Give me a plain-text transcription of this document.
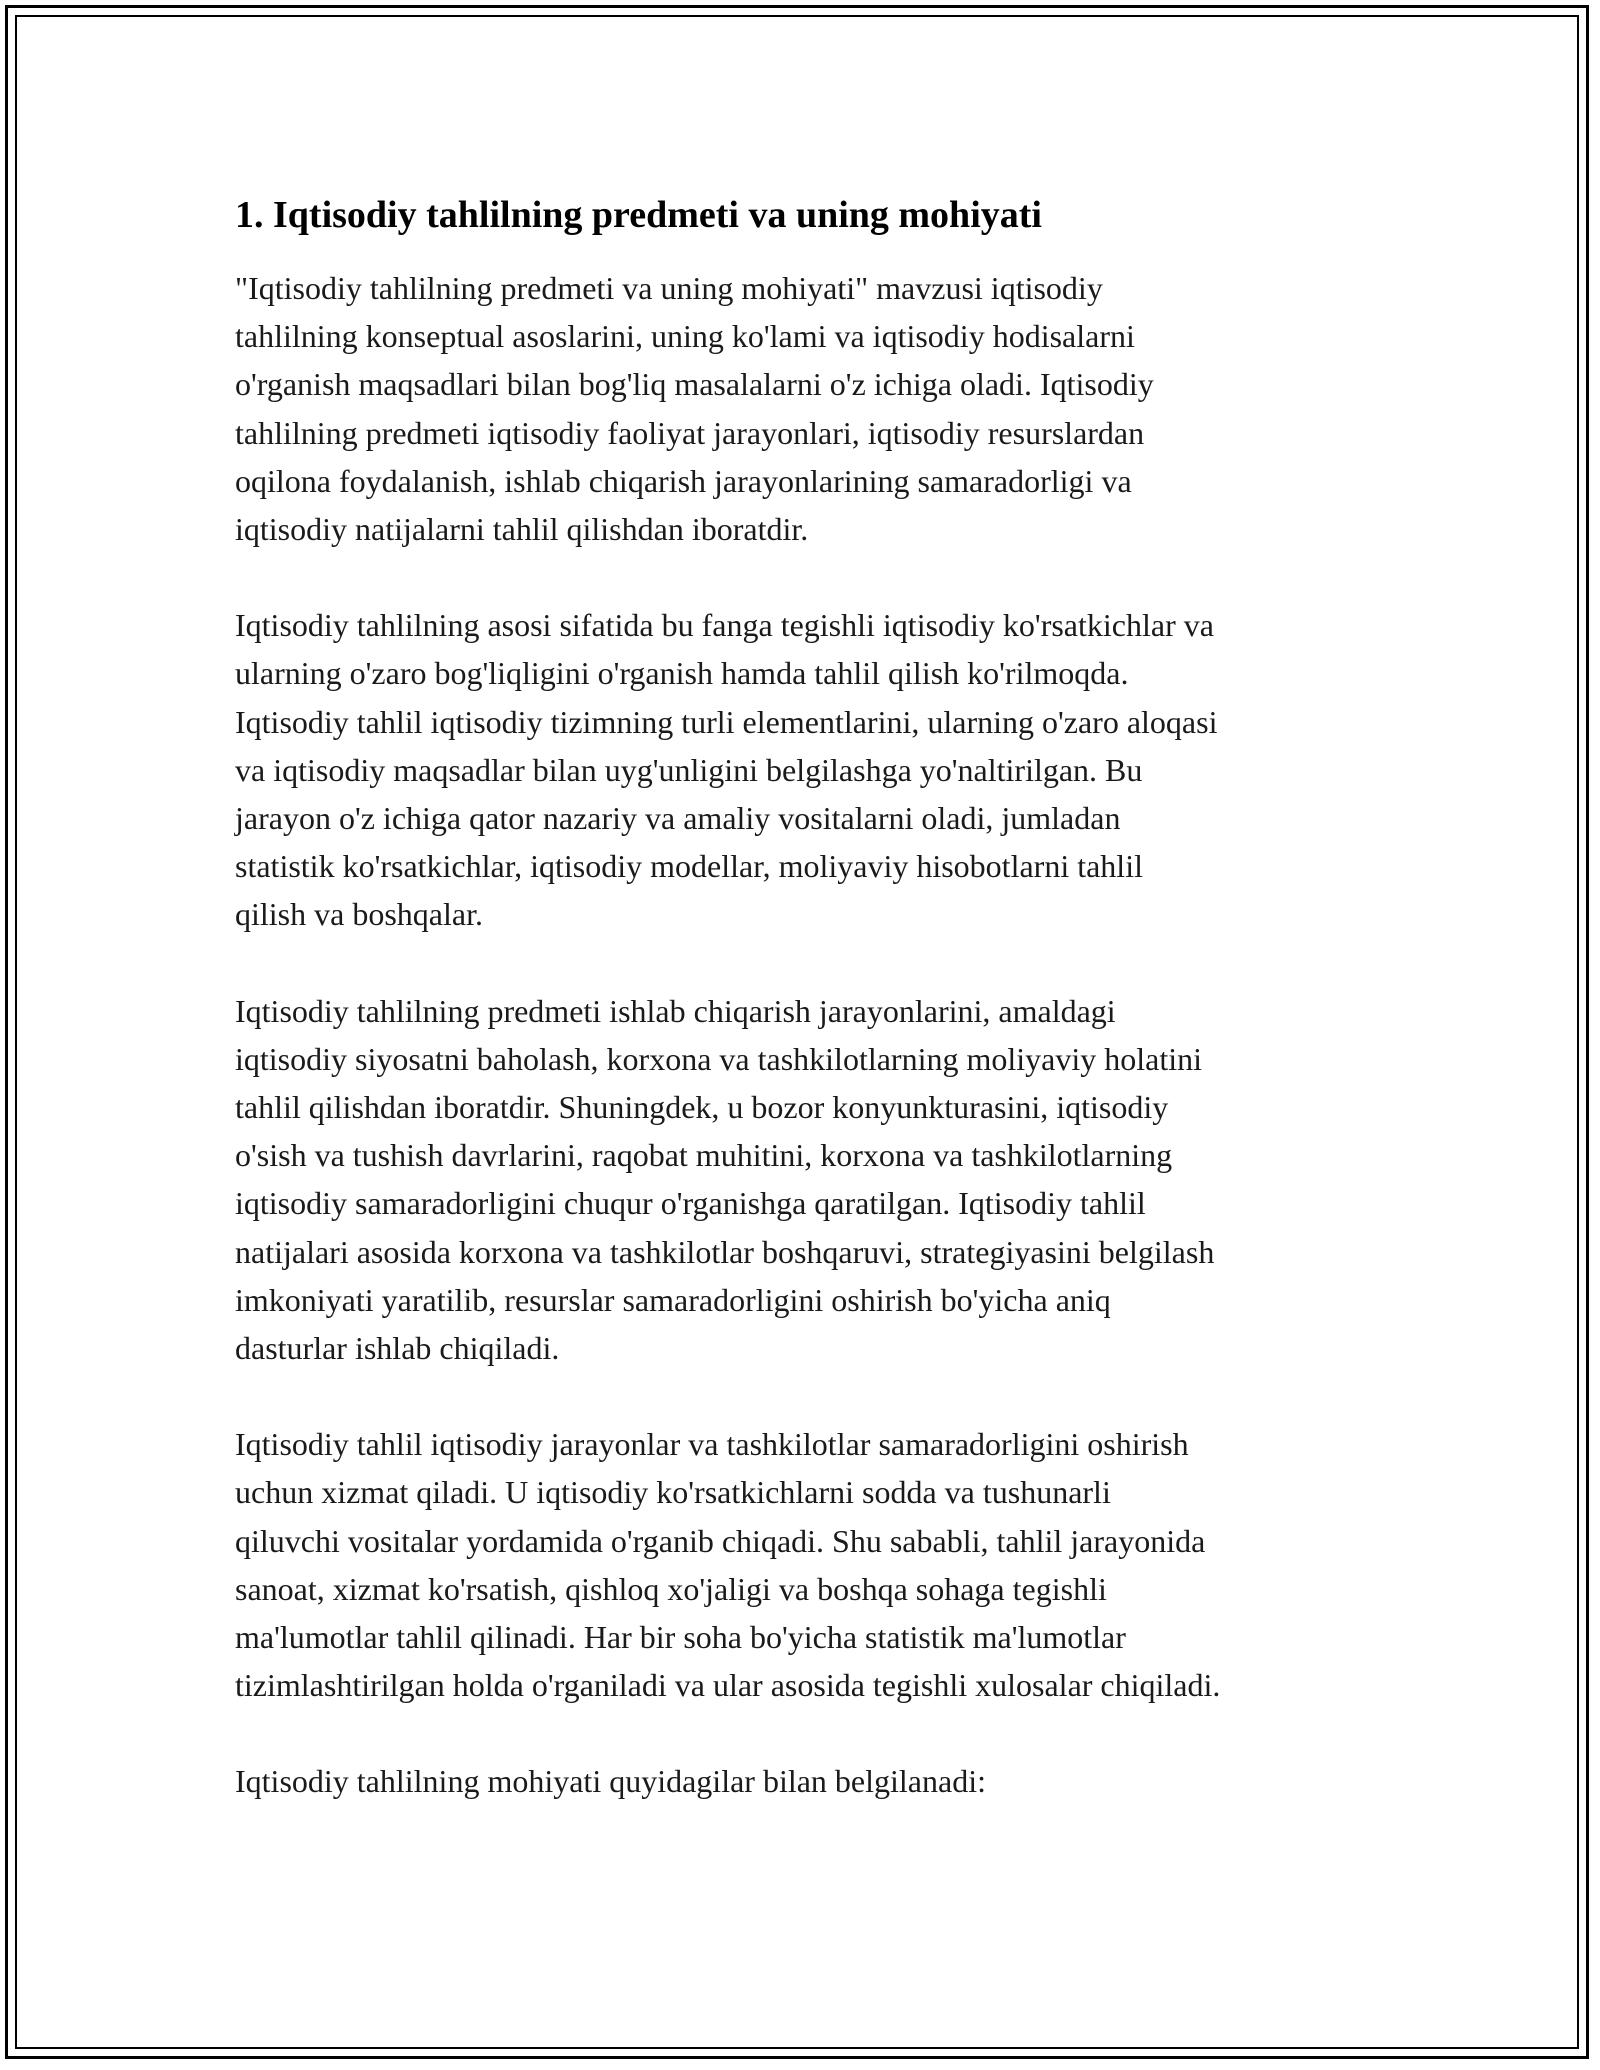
1. Iqtisodiy tahlilning predmeti va uning mohiyati

"Iqtisodiy tahlilning predmeti va uning mohiyati" mavzusi iqtisodiy
tahlilning konseptual asoslarini, uning ko'lami va iqtisodiy hodisalarni
o'rganish maqsadlari bilan bog'liq masalalarni o'z ichiga oladi. Iqtisodiy
tahlilning predmeti iqtisodiy faoliyat jarayonlari, iqtisodiy resurslardan
oqilona foydalanish, ishlab chiqarish jarayonlarining samaradorligi va
iqtisodiy natijalarni tahlil qilishdan iboratdir.

Iqtisodiy tahlilning asosi sifatida bu fanga tegishli iqtisodiy ko'rsatkichlar va
ularning o'zaro bog'liqligini o'rganish hamda tahlil qilish ko'rilmoqda.
Iqtisodiy tahlil iqtisodiy tizimning turli elementlarini, ularning o'zaro aloqasi
va iqtisodiy maqsadlar bilan uyg'unligini belgilashga yo'naltirilgan. Bu
jarayon o'z ichiga qator nazariy va amaliy vositalarni oladi, jumladan
statistik ko'rsatkichlar, iqtisodiy modellar, moliyaviy hisobotlarni tahlil
qilish va boshqalar.

Iqtisodiy tahlilning predmeti ishlab chiqarish jarayonlarini, amaldagi
iqtisodiy siyosatni baholash, korxona va tashkilotlarning moliyaviy holatini
tahlil qilishdan iboratdir. Shuningdek, u bozor konyunkturasini, iqtisodiy
o'sish va tushish davrlarini, raqobat muhitini, korxona va tashkilotlarning
iqtisodiy samaradorligini chuqur o'rganishga qaratilgan. Iqtisodiy tahlil
natijalari asosida korxona va tashkilotlar boshqaruvi, strategiyasini belgilash
imkoniyati yaratilib, resurslar samaradorligini oshirish bo'yicha aniq
dasturlar ishlab chiqiladi.

Iqtisodiy tahlil iqtisodiy jarayonlar va tashkilotlar samaradorligini oshirish
uchun xizmat qiladi. U iqtisodiy ko'rsatkichlarni sodda va tushunarli
qiluvchi vositalar yordamida o'rganib chiqadi. Shu sababli, tahlil jarayonida
sanoat, xizmat ko'rsatish, qishloq xo'jaligi va boshqa sohaga tegishli
ma'lumotlar tahlil qilinadi. Har bir soha bo'yicha statistik ma'lumotlar
tizimlashtirilgan holda o'rganiladi va ular asosida tegishli xulosalar chiqiladi.

Iqtisodiy tahlilning mohiyati quyidagilar bilan belgilanadi:
